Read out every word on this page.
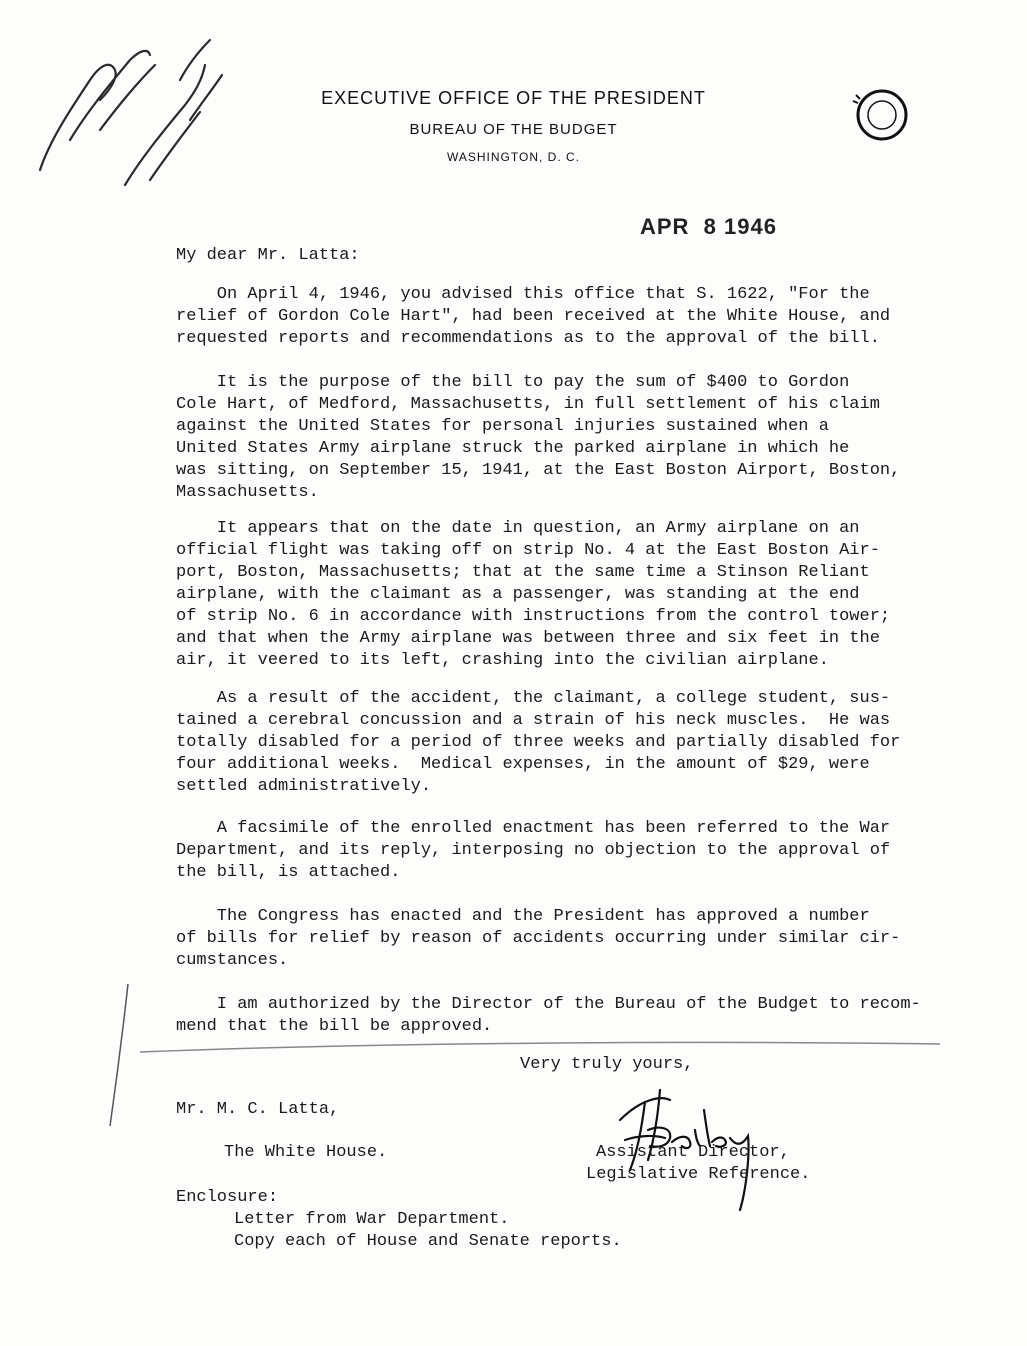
EXECUTIVE OFFICE OF THE PRESIDENT
BUREAU OF THE BUDGET
WASHINGTON, D. C.
APR  8 1946
My dear Mr. Latta:
On April 4, 1946, you advised this office that S. 1622, "For the
relief of Gordon Cole Hart", had been received at the White House, and
requested reports and recommendations as to the approval of the bill.
It is the purpose of the bill to pay the sum of $400 to Gordon
Cole Hart, of Medford, Massachusetts, in full settlement of his claim
against the United States for personal injuries sustained when a
United States Army airplane struck the parked airplane in which he
was sitting, on September 15, 1941, at the East Boston Airport, Boston,
Massachusetts.
It appears that on the date in question, an Army airplane on an
official flight was taking off on strip No. 4 at the East Boston Air-
port, Boston, Massachusetts; that at the same time a Stinson Reliant
airplane, with the claimant as a passenger, was standing at the end
of strip No. 6 in accordance with instructions from the control tower;
and that when the Army airplane was between three and six feet in the
air, it veered to its left, crashing into the civilian airplane.
As a result of the accident, the claimant, a college student, sus-
tained a cerebral concussion and a strain of his neck muscles.  He was
totally disabled for a period of three weeks and partially disabled for
four additional weeks.  Medical expenses, in the amount of $29, were
settled administratively.
A facsimile of the enrolled enactment has been referred to the War
Department, and its reply, interposing no objection to the approval of
the bill, is attached.
The Congress has enacted and the President has approved a number
of bills for relief by reason of accidents occurring under similar cir-
cumstances.
I am authorized by the Director of the Bureau of the Budget to recom-
mend that the bill be approved.
Very truly yours,
Mr. M. C. Latta,
The White House.	Assistant Director,
Legislative Reference.
Enclosure:
Letter from War Department.
Copy each of House and Senate reports.
